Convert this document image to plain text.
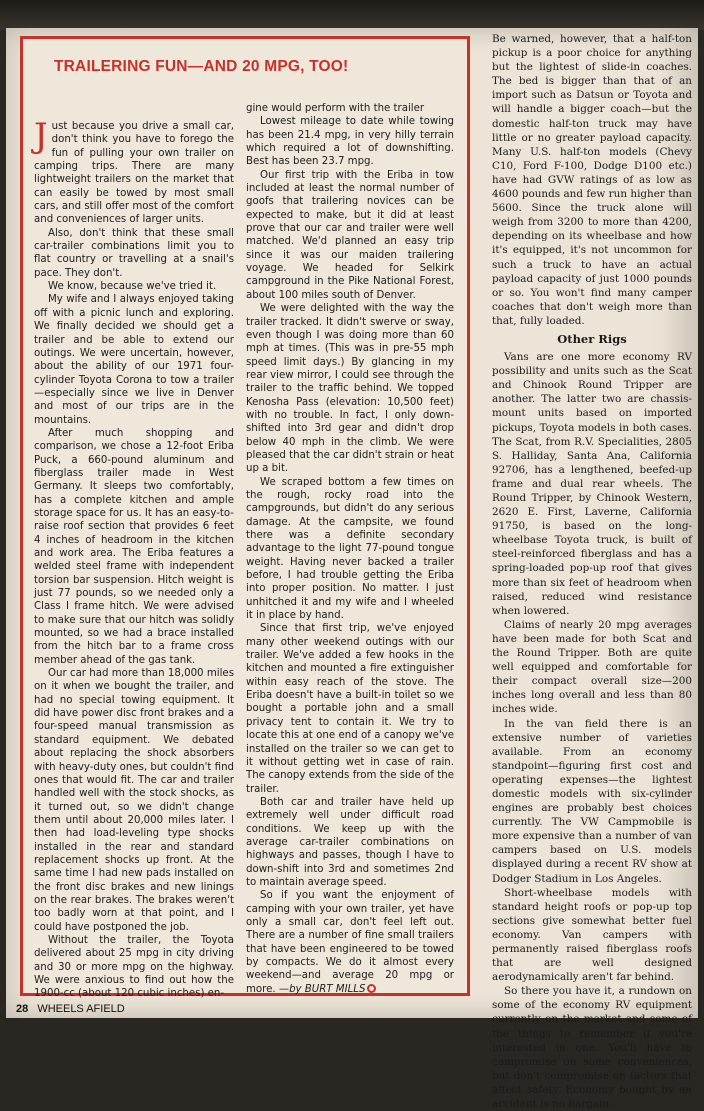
TRAILERING FUN—AND 20 MPG, TOO!

Just because you drive a small car, don't think you have to forego the fun of pulling your own trailer on camping trips. There are many lightweight trailers on the market that can easily be towed by most small cars, and still offer most of the comfort and conveniences of larger units.

Also, don't think that these small car-trailer combinations limit you to flat country or travelling at a snail's pace. They don't.

We know, because we've tried it.

My wife and I always enjoyed taking off with a picnic lunch and exploring. We finally decided we should get a trailer and be able to extend our outings. We were uncertain, however, about the ability of our 1971 four-cylinder Toyota Corona to tow a trailer—especially since we live in Denver and most of our trips are in the mountains.

After much shopping and comparison, we chose a 12-foot Eriba Puck, a 660-pound aluminum and fiberglass trailer made in West Germany. It sleeps two comfortably, has a complete kitchen and ample storage space for us. It has an easy-to-raise roof section that provides 6 feet 4 inches of headroom in the kitchen and work area. The Eriba features a welded steel frame with independent torsion bar suspension. Hitch weight is just 77 pounds, so we needed only a Class I frame hitch. We were advised to make sure that our hitch was solidly mounted, so we had a brace installed from the hitch bar to a frame cross member ahead of the gas tank.

Our car had more than 18,000 miles on it when we bought the trailer, and had no special towing equipment. It did have power disc front brakes and a four-speed manual transmission as standard equipment. We debated about replacing the shock absorbers with heavy-duty ones, but couldn't find ones that would fit. The car and trailer handled well with the stock shocks, as it turned out, so we didn't change them until about 20,000 miles later. I then had load-leveling type shocks installed in the rear and standard replacement shocks up front. At the same time I had new pads installed on the front disc brakes and new linings on the rear brakes. The brakes weren't too badly worn at that point, and I could have postponed the job.

Without the trailer, the Toyota delivered about 25 mpg in city driving and 30 or more mpg on the highway. We were anxious to find out how the 1900-cc (about 120 cubic inches) en-

gine would perform with the trailer

Lowest mileage to date while towing has been 21.4 mpg, in very hilly terrain which required a lot of downshifting. Best has been 23.7 mpg.

Our first trip with the Eriba in tow included at least the normal number of goofs that trailering novices can be expected to make, but it did at least prove that our car and trailer were well matched. We'd planned an easy trip since it was our maiden trailering voyage. We headed for Selkirk campground in the Pike National Forest, about 100 miles south of Denver.

We were delighted with the way the trailer tracked. It didn't swerve or sway, even though I was doing more than 60 mph at times. (This was in pre-55 mph speed limit days.) By glancing in my rear view mirror, I could see through the trailer to the traffic behind. We topped Kenosha Pass (elevation: 10,500 feet) with no trouble. In fact, I only down-shifted into 3rd gear and didn't drop below 40 mph in the climb. We were pleased that the car didn't strain or heat up a bit.

We scraped bottom a few times on the rough, rocky road into the campgrounds, but didn't do any serious damage. At the campsite, we found there was a definite secondary advantage to the light 77-pound tongue weight. Having never backed a trailer before, I had trouble getting the Eriba into proper position. No matter. I just unhitched it and my wife and I wheeled it in place by hand.

Since that first trip, we've enjoyed many other weekend outings with our trailer. We've added a few hooks in the kitchen and mounted a fire extinguisher within easy reach of the stove. The Eriba doesn't have a built-in toilet so we bought a portable john and a small privacy tent to contain it. We try to locate this at one end of a canopy we've installed on the trailer so we can get to it without getting wet in case of rain. The canopy extends from the side of the trailer.

Both car and trailer have held up extremely well under difficult road conditions. We keep up with the average car-trailer combinations on highways and passes, though I have to down-shift into 3rd and sometimes 2nd to maintain average speed.

So if you want the enjoyment of camping with your own trailer, yet have only a small car, don't feel left out. There are a number of fine small trailers that have been engineered to be towed by compacts. We do it almost every weekend—and average 20 mpg or more. —by BURT MILLS

Be warned, however, that a half-ton pickup is a poor choice for anything but the lightest of slide-in coaches. The bed is bigger than that of an import such as Datsun or Toyota and will handle a bigger coach—but the domestic half-ton truck may have little or no greater payload capacity. Many U.S. half-ton models (Chevy C10, Ford F-100, Dodge D100 etc.) have had GVW ratings of as low as 4600 pounds and few run higher than 5600. Since the truck alone will weigh from 3200 to more than 4200, depending on its wheelbase and how it's equipped, it's not uncommon for such a truck to have an actual payload capacity of just 1000 pounds or so. You won't find many camper coaches that don't weigh more than that, fully loaded.

Other Rigs

Vans are one more economy RV possibility and units such as the Scat and Chinook Round Tripper are another. The latter two are chassis-mount units based on imported pickups, Toyota models in both cases. The Scat, from R.V. Specialities, 2805 S. Halliday, Santa Ana, California 92706, has a lengthened, beefed-up frame and dual rear wheels. The Round Tripper, by Chinook Western, 2620 E. First, Laverne, California 91750, is based on the long-wheelbase Toyota truck, is built of steel-reinforced fiberglass and has a spring-loaded pop-up roof that gives more than six feet of headroom when raised, reduced wind resistance when lowered.

Claims of nearly 20 mpg averages have been made for both Scat and the Round Tripper. Both are quite well equipped and comfortable for their compact overall size—200 inches long overall and less than 80 inches wide.

In the van field there is an extensive number of varieties available. From an economy standpoint—figuring first cost and operating expenses—the lightest domestic models with six-cylinder engines are probably best choices currently. The VW Campmobile is more expensive than a number of van campers based on U.S. models displayed during a recent RV show at Dodger Stadium in Los Angeles.

Short-wheelbase models with standard height roofs or pop-up top sections give somewhat better fuel economy. Van campers with permanently raised fiberglass roofs that are well designed aerodynamically aren't far behind.

So there you have it, a rundown on some of the economy RV equipment currently on the market and some of the things to remember if you're interested in one. You'll have to compromise on some conveniences, but don't compromise on factors that affect safety. Economy bought by an accident is no bargain.

28 WHEELS AFIELD
